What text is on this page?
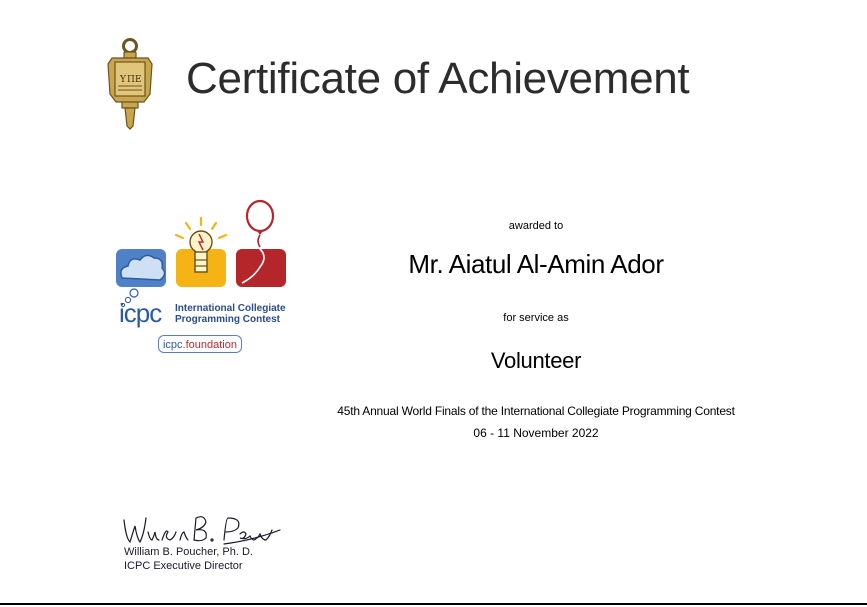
Y Π E Certificate of Achievement
icpc International Collegiate
Programming Contest
icpc.foundation
awarded to
Mr. Aiatul Al-Amin Ador
for service as
Volunteer
45th Annual World Finals of the International Collegiate Programming Contest
06 - 11 November 2022
William B. Poucher, Ph. D.
ICPC Executive Director
